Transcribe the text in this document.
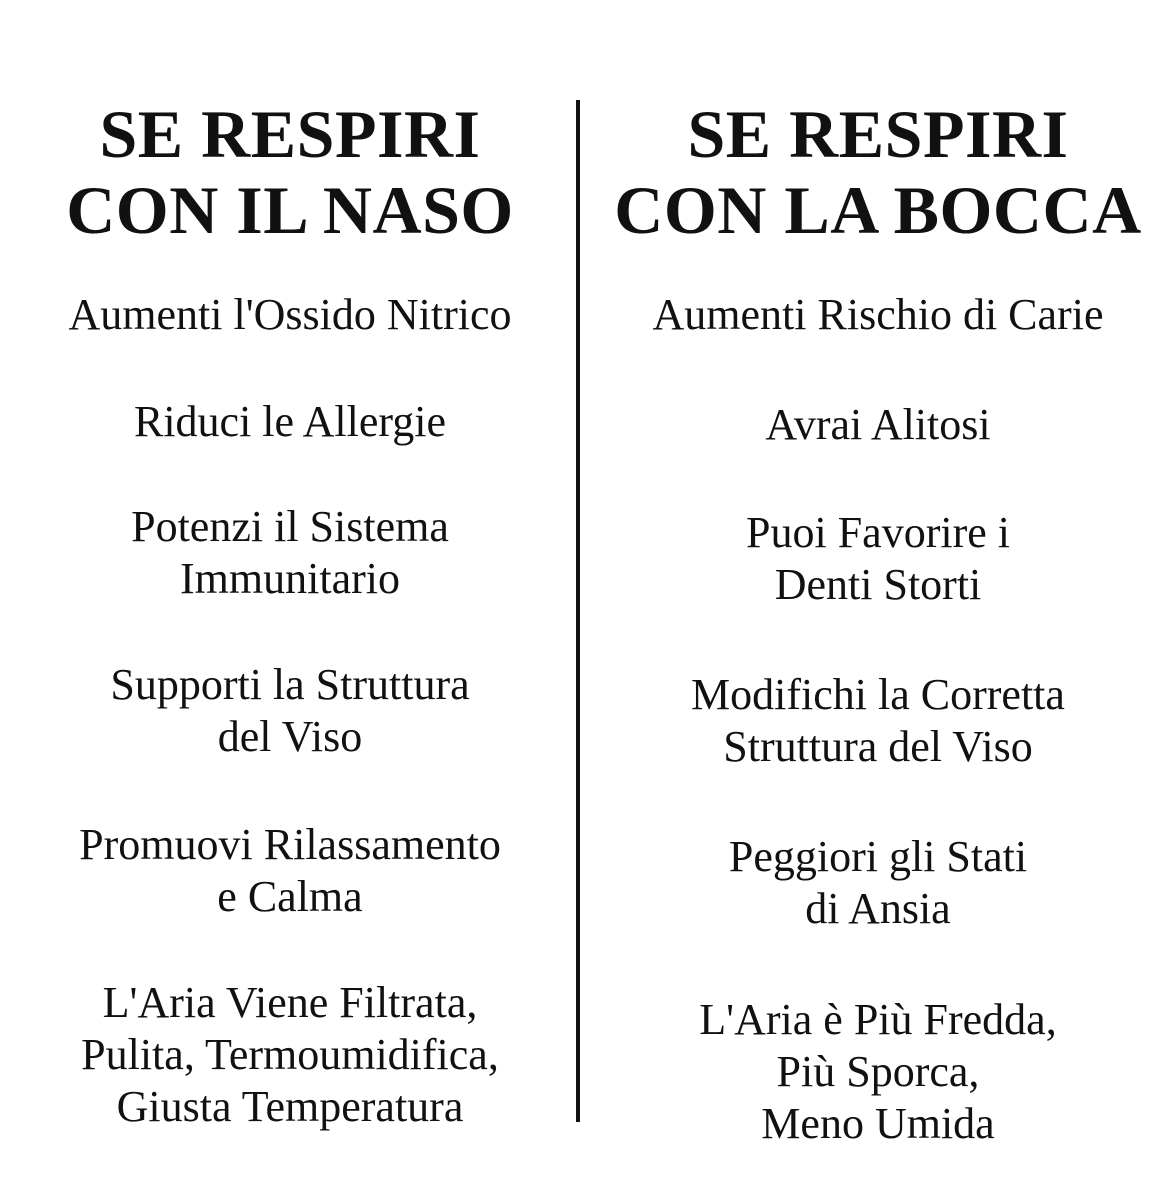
SE RESPIRI
CON IL NASO
Aumenti l'Ossido Nitrico
Riduci le Allergie
Potenzi il Sistema
Immunitario
Supporti la Struttura
del Viso
Promuovi Rilassamento
e Calma
L'Aria Viene Filtrata,
Pulita, Termoumidifica,
Giusta Temperatura
SE RESPIRI
CON LA BOCCA
Aumenti Rischio di Carie
Avrai Alitosi
Puoi Favorire i
Denti Storti
Modifichi la Corretta
Struttura del Viso
Peggiori gli Stati
di Ansia
L'Aria è Più Fredda,
Più Sporca,
Meno Umida
